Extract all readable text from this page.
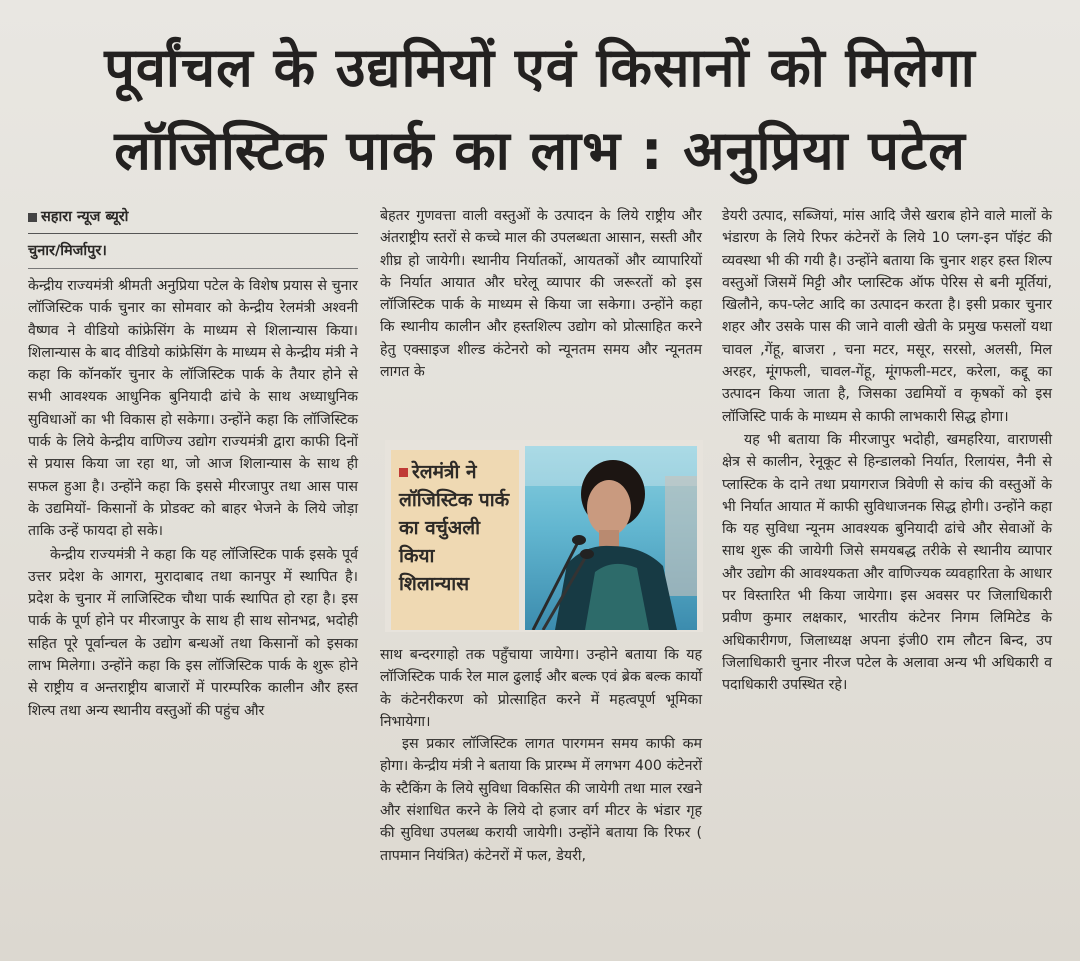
पूर्वांचल के उद्यमियों एवं किसानों को मिलेगा
लॉजिस्टिक पार्क का लाभ : अनुप्रिया पटेल
सहारा न्यूज ब्यूरो
चुनार/मिर्जापुर।

केन्द्रीय राज्यमंत्री श्रीमती अनुप्रिया पटेल के विशेष प्रयास से चुनार लॉजिस्टिक पार्क चुनार का सोमवार को केन्द्रीय रेलमंत्री अश्वनी वैष्णव ने वीडियो कांफ्रेसिंग के माध्यम से शिलान्यास किया। शिलान्यास के बाद वीडियो कांफ्रेसिंग के माध्यम से केन्द्रीय मंत्री ने कहा कि कॉनकॉर चुनार के लॉजिस्टिक पार्क के तैयार होने से सभी आवश्यक आधुनिक बुनियादी ढांचे के साथ अध्याधुनिक सुविधाओं का भी विकास हो सकेगा। उन्होंने कहा कि लॉजिस्टिक पार्क के लिये केन्द्रीय वाणिज्य उद्योग राज्यमंत्री द्वारा काफी दिनों से प्रयास किया जा रहा था, जो आज शिलान्यास के साथ ही सफल हुआ है। उन्होंने कहा कि इससे मीरजापुर तथा आस पास के उद्यमियों- किसानों के प्रोडक्ट को बाहर भेजने के लिये जोड़ा ताकि उन्हें फायदा हो सके।

केन्द्रीय राज्यमंत्री ने कहा कि यह लॉजिस्टिक पार्क इसके पूर्व उत्तर प्रदेश के आगरा, मुरादाबाद तथा कानपुर में स्थापित है। प्रदेश के चुनार में लाजिस्टिक चौथा पार्क स्थापित हो रहा है। इस पार्क के पूर्ण होने पर मीरजापुर के साथ ही साथ सोनभद्र, भदोही सहित पूरे पूर्वान्चल के उद्योग बन्धओं तथा किसानों को इसका लाभ मिलेगा। उन्होंने कहा कि इस लॉजिस्टिक पार्क के शुरू होने से राष्ट्रीय व अन्तराष्ट्रीय बाजारों में पारम्परिक कालीन और हस्त शिल्प तथा अन्य स्थानीय वस्तुओं की पहुंच और

बेहतर गुणवत्ता वाली वस्तुओं के उत्पादन के लिये राष्ट्रीय और अंतराष्ट्रीय स्तरों से कच्चे माल की उपलब्धता आसान, सस्ती और शीघ्र हो जायेगी। स्थानीय निर्यातकों, आयतकों और व्यापारियों के निर्यात आयात और घरेलू व्यापार की जरूरतों को इस लॉजिस्टिक पार्क के माध्यम से किया जा सकेगा। उन्होंने कहा कि स्थानीय कालीन और हस्तशिल्प उद्योग को प्रोत्साहित करने हेतु एक्साइज शील्ड कंटेनरो को न्यूनतम समय और न्यूनतम लागत के

रेलमंत्री ने लॉजिस्टिक पार्क का वर्चुअली किया शिलान्यास

साथ बन्दरगाहो तक पहुँचाया जायेगा। उन्होने बताया कि यह लॉजिस्टिक पार्क रेल माल ढुलाई और बल्क एवं ब्रेक बल्क कार्यो के कंटेनरीकरण को प्रोत्साहित करने में महत्वपूर्ण भूमिका निभायेगा।

इस प्रकार लॉजिस्टिक लागत पारगमन समय काफी कम होगा। केन्द्रीय मंत्री ने बताया कि प्रारम्भ में लगभग 400 कंटेनरों के स्टैकिंग के लिये सुविधा विकसित की जायेगी तथा माल रखने और संशाधित करने के लिये दो हजार वर्ग मीटर के भंडार गृह की सुविधा उपलब्ध करायी जायेगी। उन्होंने बताया कि रिफर ( तापमान नियंत्रित) कंटेनरों में फल, डेयरी,

डेयरी उत्पाद, सब्जियां, मांस आदि जैसे खराब होने वाले मालों के भंडारण के लिये रिफर कंटेनरों के लिये 10 प्लग-इन पॉइंट की व्यवस्था भी की गयी है। उन्होंने बताया कि चुनार शहर हस्त शिल्प वस्तुओं जिसमें मिट्टी और प्लास्टिक ऑफ पेरिस से बनी मूर्तियां, खिलौने, कप-प्लेट आदि का उत्पादन करता है। इसी प्रकार चुनार शहर और उसके पास की जाने वाली खेती के प्रमुख फसलों यथा चावल ,गेंहू, बाजरा , चना मटर, मसूर, सरसो, अलसी, मिल अरहर, मूंगफली, चावल-गेंहू, मूंगफली-मटर, करेला, कद्दू का उत्पादन किया जाता है, जिसका उद्यमियों व कृषकों को इस लॉजिस्टि पार्क के माध्यम से काफी लाभकारी सिद्ध होगा।

यह भी बताया कि मीरजापुर भदोही, खमहरिया, वाराणसी क्षेत्र से कालीन, रेनूकूट से हिन्डालको निर्यात, रिलायंस, नैनी से प्लास्टिक के दाने तथा प्रयागराज त्रिवेणी से कांच की वस्तुओं के भी निर्यात आयात में काफी सुविधाजनक सिद्ध होगी। उन्होंने कहा कि यह सुविधा न्यूनम आवश्यक बुनियादी ढांचे और सेवाओं के साथ शुरू की जायेगी जिसे समयबद्ध तरीके से स्थानीय व्यापार और उद्योग की आवश्यकता और वाणिज्यक व्यवहारिता के आधार पर विस्तारित भी किया जायेगा। इस अवसर पर जिलाधिकारी प्रवीण कुमार लक्षकार, भारतीय कंटेनर निगम लिमिटेड के अधिकारीगण, जिलाध्यक्ष अपना इंजी0 राम लौटन बिन्द, उप जिलाधिकारी चुनार नीरज पटेल के अलावा अन्य भी अधिकारी व पदाधिकारी उपस्थित रहे।
